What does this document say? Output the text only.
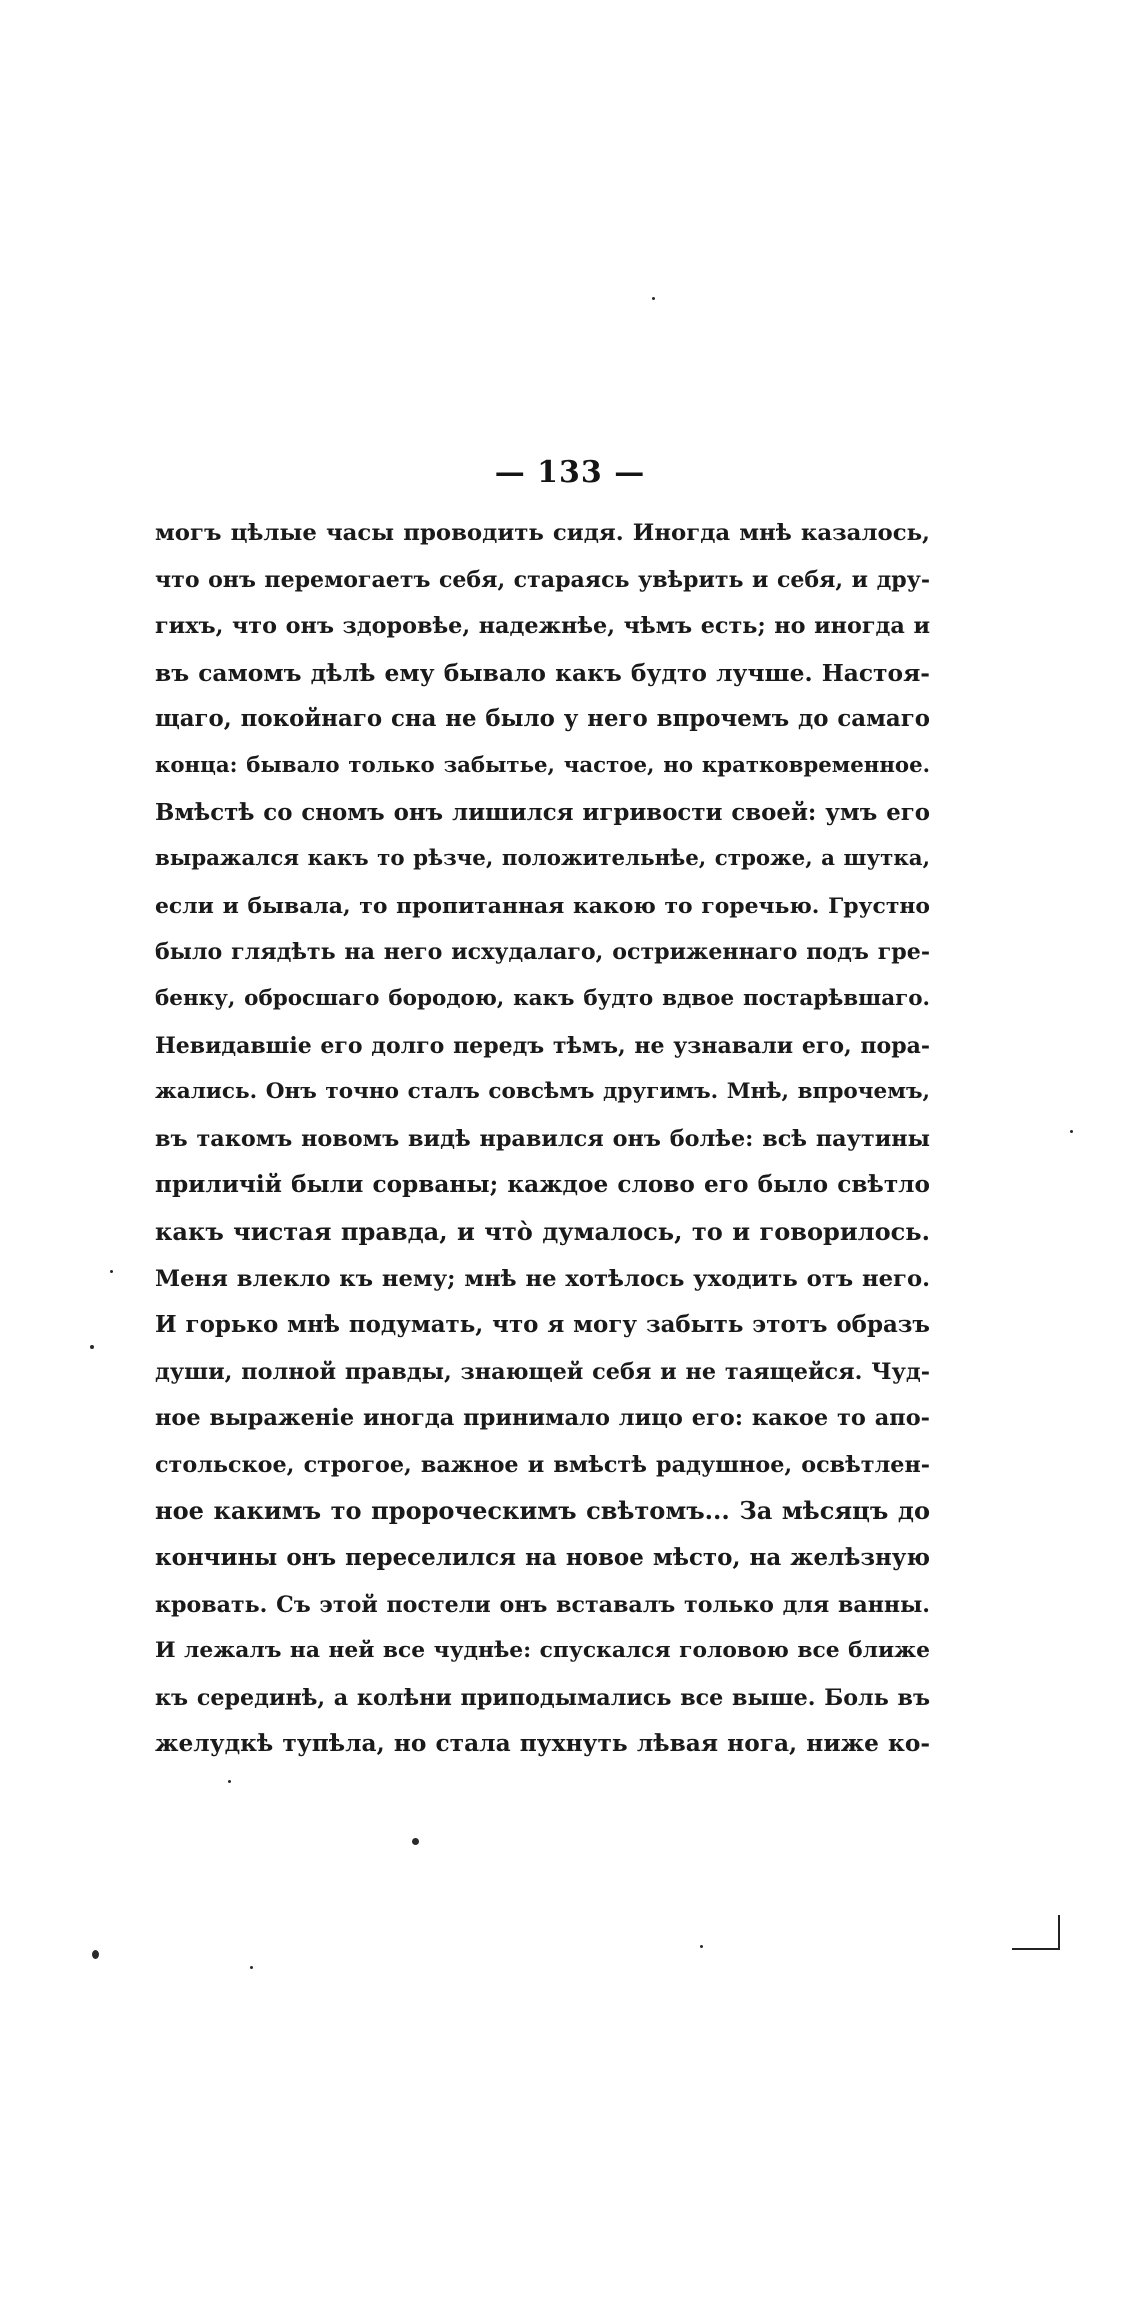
— 133 —
могъ цѣлые часы проводить сидя. Иногда мнѣ казалось,
что онъ перемогаетъ себя, стараясь увѣрить и себя, и дру-
гихъ, что онъ здоровѣе, надежнѣе, чѣмъ есть; но иногда и
въ самомъ дѣлѣ ему бывало какъ будто лучше. Настоя-
щаго, покойнаго сна не было у него впрочемъ до самаго
конца: бывало только забытье, частое, но кратковременное.
Вмѣстѣ со сномъ онъ лишился игривости своей: умъ его
выражался какъ то рѣзче, положительнѣе, строже, а шутка,
если и бывала, то пропитанная какою то горечью. Грустно
было глядѣть на него исхудалаго, остриженнаго подъ гре-
бенку, обросшаго бородою, какъ будто вдвое постарѣвшаго.
Невидавшіе его долго передъ тѣмъ, не узнавали его, пора-
жались. Онъ точно сталъ совсѣмъ другимъ. Мнѣ, впрочемъ,
въ такомъ новомъ видѣ нравился онъ болѣе: всѣ паутины
приличій были сорваны; каждое слово его было свѣтло
какъ чистая правда, и что̀ думалось, то и говорилось.
Меня влекло къ нему; мнѣ не хотѣлось уходить отъ него.
И горько мнѣ подумать, что я могу забыть этотъ образъ
души, полной правды, знающей себя и не таящейся. Чуд-
ное выраженіе иногда принимало лицо его: какое то апо-
стольское, строгое, важное и вмѣстѣ радушное, освѣтлен-
ное какимъ то пророческимъ свѣтомъ... За мѣсяцъ до
кончины онъ переселился на новое мѣсто, на желѣзную
кровать. Съ этой постели онъ вставалъ только для ванны.
И лежалъ на ней все чуднѣе: спускался головою все ближе
къ серединѣ, а колѣни приподымались все выше. Боль въ
желудкѣ тупѣла, но стала пухнуть лѣвая нога, ниже ко-
